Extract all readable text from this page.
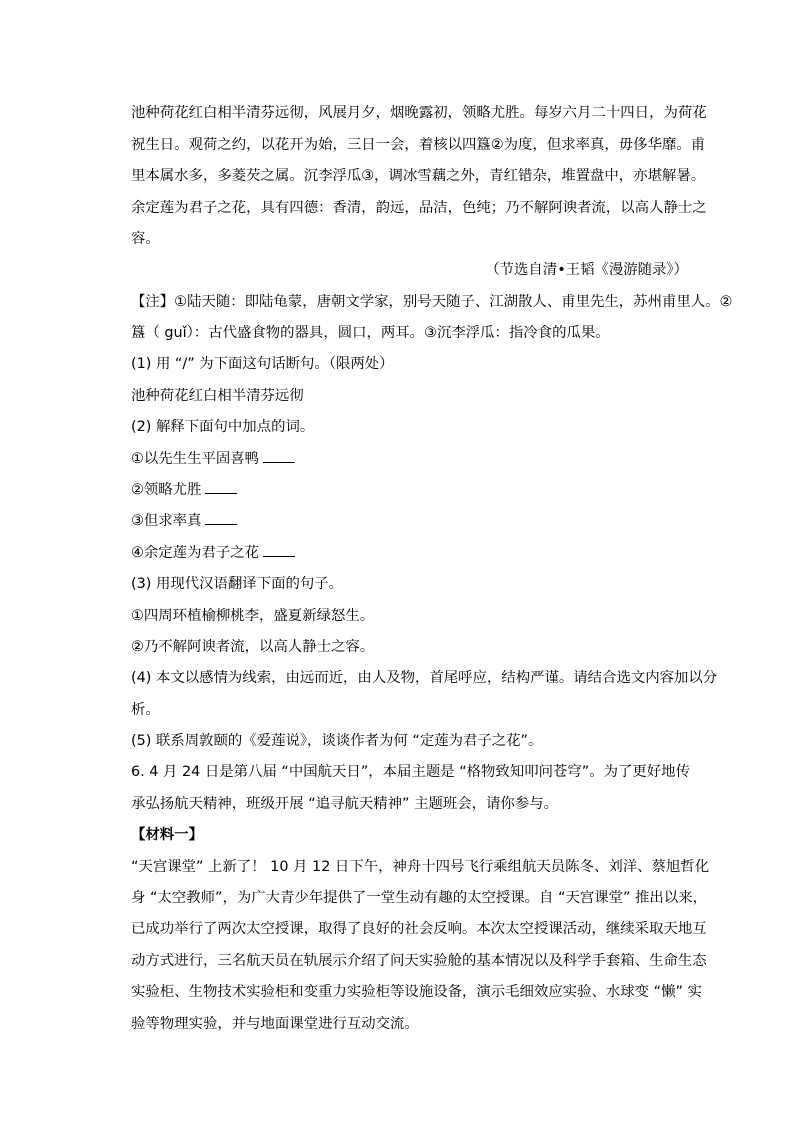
池种荷花红白相半清芬远彻，风展月夕，烟晚露初，领略尤胜。每岁六月二十四日，为荷花
祝生日。观荷之约，以花开为始，三日一会，着核以四簋②为度，但求率真，毋侈华靡。甫
里本属水多，多菱芡之属。沉李浮瓜③，调冰雪藕之外，青红错杂，堆置盘中，亦堪解暑。
余定莲为君子之花，具有四德：香清，韵远，品洁，色纯；乃不解阿谀者流，以高人静士之
容。
（节选自清•王韬《漫游随录》）
【注】①陆天随：即陆龟蒙，唐朝文学家，别号天随子、江湖散人、甫里先生，苏州甫里人。②
簋（ guǐ）：古代盛食物的器具，圆口，两耳。③沉李浮瓜：指冷食的瓜果。
(1) 用 “/” 为下面这句话断句。（限两处）
池种荷花红白相半清芬远彻
(2) 解释下面句中加点的词。
①以先生生平固喜鸭
②领略尤胜
③但求率真
④余定莲为君子之花
(3) 用现代汉语翻译下面的句子。
①四周环植榆柳桃李，盛夏新绿怒生。
②乃不解阿谀者流，以高人静士之容。
(4) 本文以感情为线索，由远而近，由人及物，首尾呼应，结构严谨。请结合选文内容加以分
析。
(5) 联系周敦颐的《爱莲说》，谈谈作者为何 “定莲为君子之花”。
6. 4 月 24 日是第八届 “中国航天日”，本届主题是 “格物致知叩问苍穹”。为了更好地传
承弘扬航天精神，班级开展 “追寻航天精神” 主题班会，请你参与。
【材料一】
“天宫课堂” 上新了！ 10 月 12 日下午，神舟十四号飞行乘组航天员陈冬、刘洋、蔡旭哲化
身 “太空教师”，为广大青少年提供了一堂生动有趣的太空授课。自 “天宫课堂” 推出以来，
已成功举行了两次太空授课，取得了良好的社会反响。本次太空授课活动，继续采取天地互
动方式进行，三名航天员在轨展示介绍了问天实验舱的基本情况以及科学手套箱、生命生态
实验柜、生物技术实验柜和变重力实验柜等设施设备，演示毛细效应实验、水球变 “懒” 实
验等物理实验，并与地面课堂进行互动交流。
